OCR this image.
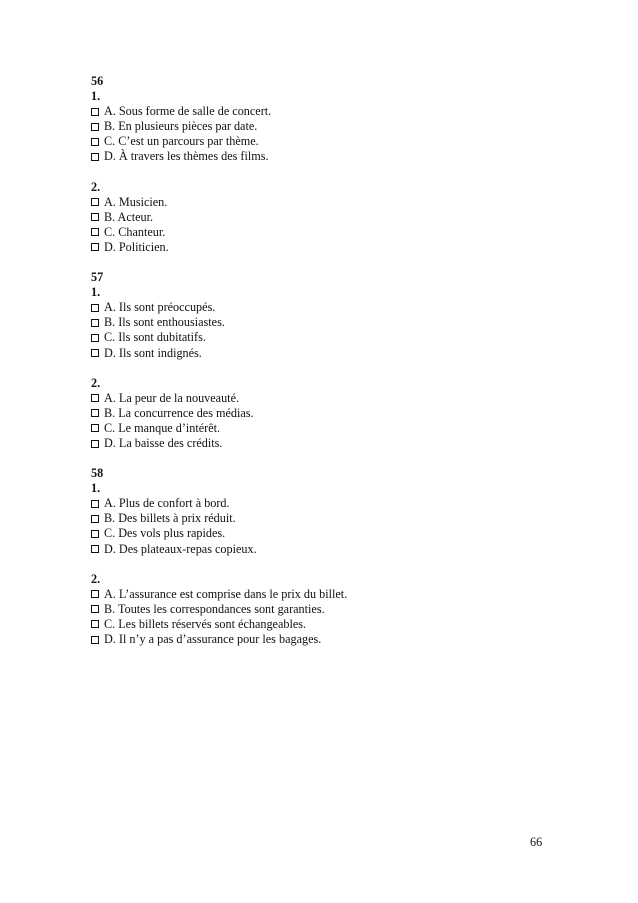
56
1.
A. Sous forme de salle de concert.
B. En plusieurs pièces par date.
C. C’est un parcours par thème.
D. À travers les thèmes des films.
2.
A. Musicien.
B. Acteur.
C. Chanteur.
D. Politicien.
57
1.
A. Ils sont préoccupés.
B. Ils sont enthousiastes.
C. Ils sont dubitatifs.
D. Ils sont indignés.
2.
A. La peur de la nouveauté.
B. La concurrence des médias.
C. Le manque d’intérêt.
D. La baisse des crédits.
58
1.
A. Plus de confort à bord.
B. Des billets à prix réduit.
C. Des vols plus rapides.
D. Des plateaux-repas copieux.
2.
A. L’assurance est comprise dans le prix du billet.
B. Toutes les correspondances sont garanties.
C. Les billets réservés sont échangeables.
D. Il n’y a pas d’assurance pour les bagages.
66
